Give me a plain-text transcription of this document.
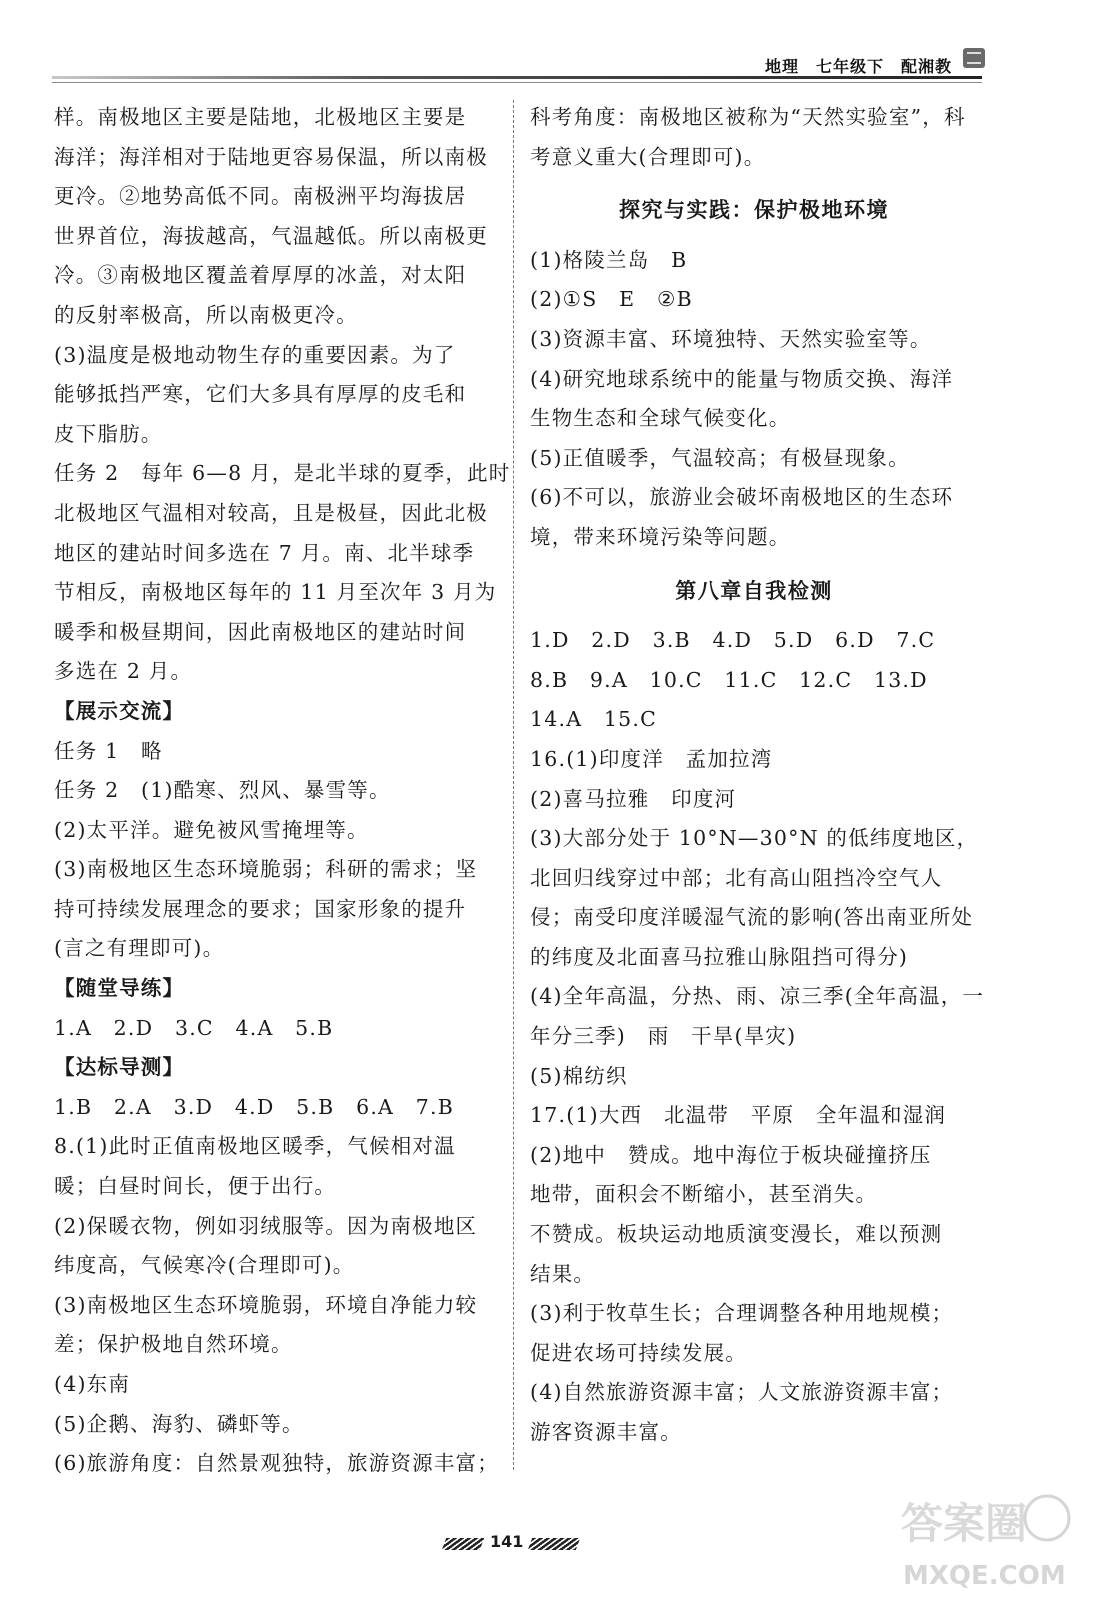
地理　七年级下　配湘教

样。南极地区主要是陆地，北极地区主要是

海洋；海洋相对于陆地更容易保温，所以南极

更冷。②地势高低不同。南极洲平均海拔居

世界首位，海拔越高，气温越低。所以南极更

冷。③南极地区覆盖着厚厚的冰盖，对太阳

的反射率极高，所以南极更冷。

(3)温度是极地动物生存的重要因素。为了

能够抵挡严寒，它们大多具有厚厚的皮毛和

皮下脂肪。

任务 2　每年 6—8 月，是北半球的夏季，此时

北极地区气温相对较高，且是极昼，因此北极

地区的建站时间多选在 7 月。南、北半球季

节相反，南极地区每年的 11 月至次年 3 月为

暖季和极昼期间，因此南极地区的建站时间

多选在 2 月。

【展示交流】

任务 1　略

任务 2　(1)酷寒、烈风、暴雪等。

(2)太平洋。避免被风雪掩埋等。

(3)南极地区生态环境脆弱；科研的需求；坚

持可持续发展理念的要求；国家形象的提升

(言之有理即可)。

【随堂导练】

1.A　2.D　3.C　4.A　5.B

【达标导测】

1.B　2.A　3.D　4.D　5.B　6.A　7.B

8.(1)此时正值南极地区暖季，气候相对温

暖；白昼时间长，便于出行。

(2)保暖衣物，例如羽绒服等。因为南极地区

纬度高，气候寒冷(合理即可)。

(3)南极地区生态环境脆弱，环境自净能力较

差；保护极地自然环境。

(4)东南

(5)企鹅、海豹、磷虾等。

(6)旅游角度：自然景观独特，旅游资源丰富；

科考角度：南极地区被称为“天然实验室”，科

考意义重大(合理即可)。

探究与实践：保护极地环境

(1)格陵兰岛　B

(2)①S　E　②B

(3)资源丰富、环境独特、天然实验室等。

(4)研究地球系统中的能量与物质交换、海洋

生物生态和全球气候变化。

(5)正值暖季，气温较高；有极昼现象。

(6)不可以，旅游业会破坏南极地区的生态环

境，带来环境污染等问题。

第八章自我检测

1.D　2.D　3.B　4.D　5.D　6.D　7.C

8.B　9.A　10.C　11.C　12.C　13.D

14.A　15.C

16.(1)印度洋　孟加拉湾

(2)喜马拉雅　印度河

(3)大部分处于 10°N—30°N 的低纬度地区，

北回归线穿过中部；北有高山阻挡冷空气人

侵；南受印度洋暖湿气流的影响(答出南亚所处

的纬度及北面喜马拉雅山脉阻挡可得分)

(4)全年高温，分热、雨、凉三季(全年高温，一

年分三季)　雨　干旱(旱灾)

(5)棉纺织

17.(1)大西　北温带　平原　全年温和湿润

(2)地中　赞成。地中海位于板块碰撞挤压

地带，面积会不断缩小，甚至消失。

不赞成。板块运动地质演变漫长，难以预测

结果。

(3)利于牧草生长；合理调整各种用地规模；

促进农场可持续发展。

(4)自然旅游资源丰富；人文旅游资源丰富；

游客资源丰富。

141	答案圈
MXQE.COM
